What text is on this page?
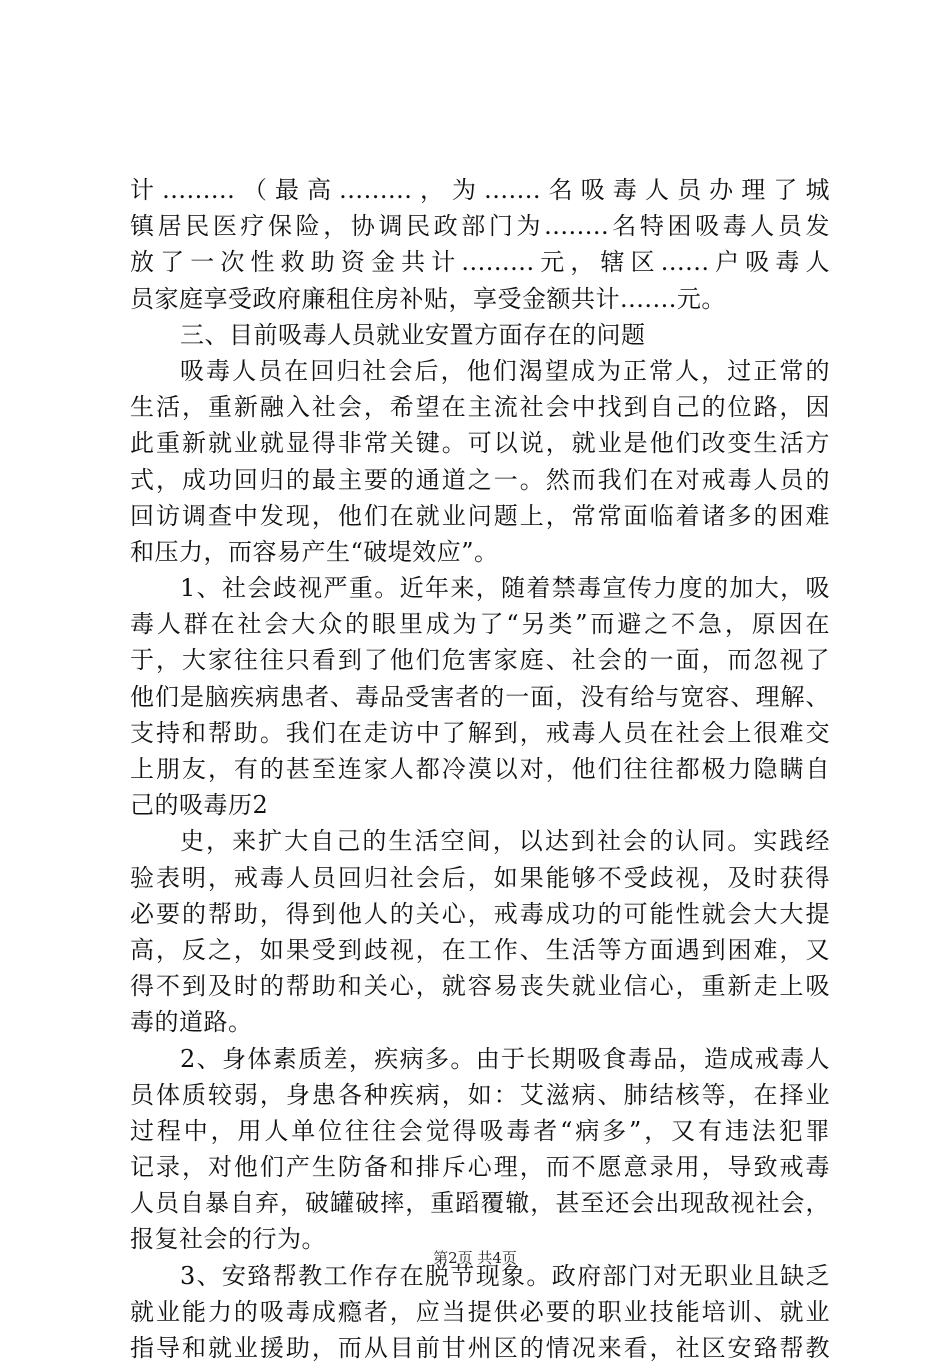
计.........（最高.........，为.......名吸毒人员办理了城
镇居民医疗保险，协调民政部门为........名特困吸毒人员发
放了一次性救助资金共计.........元，辖区......户吸毒人
员家庭享受政府廉租住房补贴，享受金额共计.......元。
三、目前吸毒人员就业安置方面存在的问题
吸毒人员在回归社会后，他们渴望成为正常人，过正常的
生活，重新融入社会，希望在主流社会中找到自己的位路，因
此重新就业就显得非常关键。可以说，就业是他们改变生活方
式，成功回归的最主要的通道之一。然而我们在对戒毒人员的
回访调查中发现，他们在就业问题上，常常面临着诸多的困难
和压力，而容易产生“破堤效应”。
1、社会歧视严重。近年来，随着禁毒宣传力度的加大，吸
毒人群在社会大众的眼里成为了“另类”而避之不急，原因在
于，大家往往只看到了他们危害家庭、社会的一面，而忽视了
他们是脑疾病患者、毒品受害者的一面，没有给与宽容、理解、
支持和帮助。我们在走访中了解到，戒毒人员在社会上很难交
上朋友，有的甚至连家人都冷漠以对，他们往往都极力隐瞒自
己的吸毒历2
史，来扩大自己的生活空间，以达到社会的认同。实践经
验表明，戒毒人员回归社会后，如果能够不受歧视，及时获得
必要的帮助，得到他人的关心，戒毒成功的可能性就会大大提
高，反之，如果受到歧视，在工作、生活等方面遇到困难，又
得不到及时的帮助和关心，就容易丧失就业信心，重新走上吸
毒的道路。
2、身体素质差，疾病多。由于长期吸食毒品，造成戒毒人
员体质较弱，身患各种疾病，如：艾滋病、肺结核等，在择业
过程中，用人单位往往会觉得吸毒者“病多”，又有违法犯罪
记录，对他们产生防备和排斥心理，而不愿意录用，导致戒毒
人员自暴自弃，破罐破摔，重蹈覆辙，甚至还会出现敌视社会，
报复社会的行为。
3、安臵帮教工作存在脱节现象。政府部门对无职业且缺乏
就业能力的吸毒成瘾者，应当提供必要的职业技能培训、就业
指导和就业援助，而从目前甘州区的情况来看，社区安臵帮教
第2页 共4页
